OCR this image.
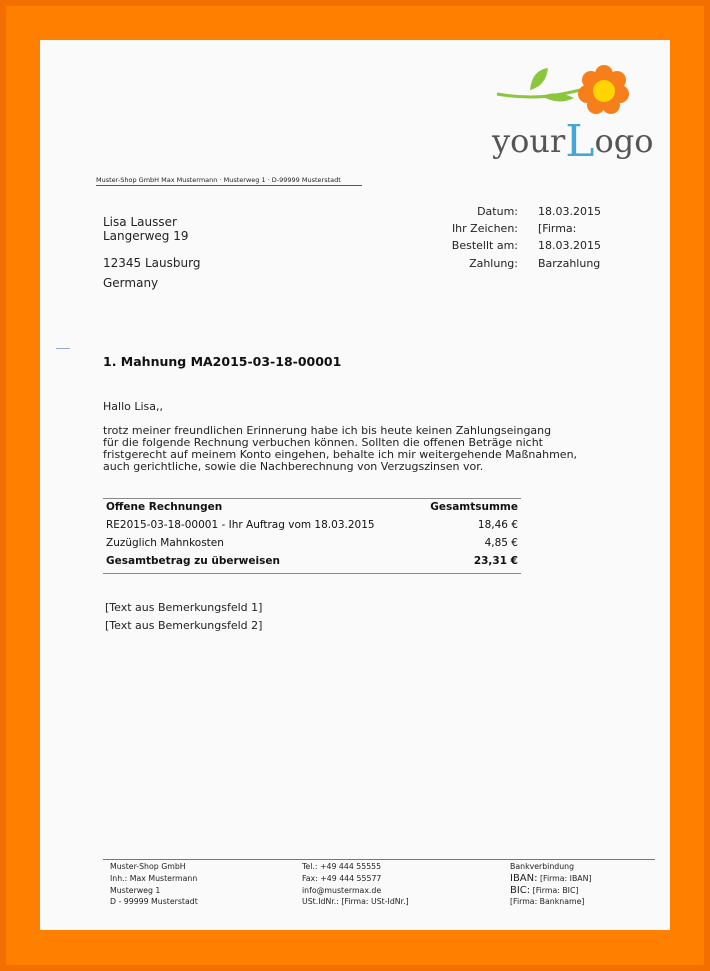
yourLogo
Muster-Shop GmbH Max Mustermann · Musterweg 1 · D-99999 Musterstadt
Lisa Lausser
Langerweg 19
12345 Lausburg
Germany
Datum: 18.03.2015
Ihr Zeichen: [Firma:
Bestellt am: 18.03.2015
Zahlung: Barzahlung
1. Mahnung MA2015-03-18-00001
Hallo Lisa,,
trotz meiner freundlichen Erinnerung habe ich bis heute keinen Zahlungseingang
für die folgende Rechnung verbuchen können. Sollten die offenen Beträge nicht
fristgerecht auf meinem Konto eingehen, behalte ich mir weitergehende Maßnahmen,
auch gerichtliche, sowie die Nachberechnung von Verzugszinsen vor.
Offene Rechnungen	Gesamtsumme
RE2015-03-18-00001 - Ihr Auftrag vom 18.03.2015	18,46 €
Zuzüglich Mahnkosten	4,85 €
Gesamtbetrag zu überweisen	23,31 €
[Text aus Bemerkungsfeld 1]
[Text aus Bemerkungsfeld 2]
Muster-Shop GmbH
Inh.: Max Mustermann
Musterweg 1
D - 99999 Musterstadt
Tel.: +49 444 55555
Fax: +49 444 55577
info@mustermax.de
USt.IdNr.: [Firma: USt-IdNr.]
Bankverbindung
IBAN: [Firma: IBAN]
BIC: [Firma: BIC]
[Firma: Bankname]
